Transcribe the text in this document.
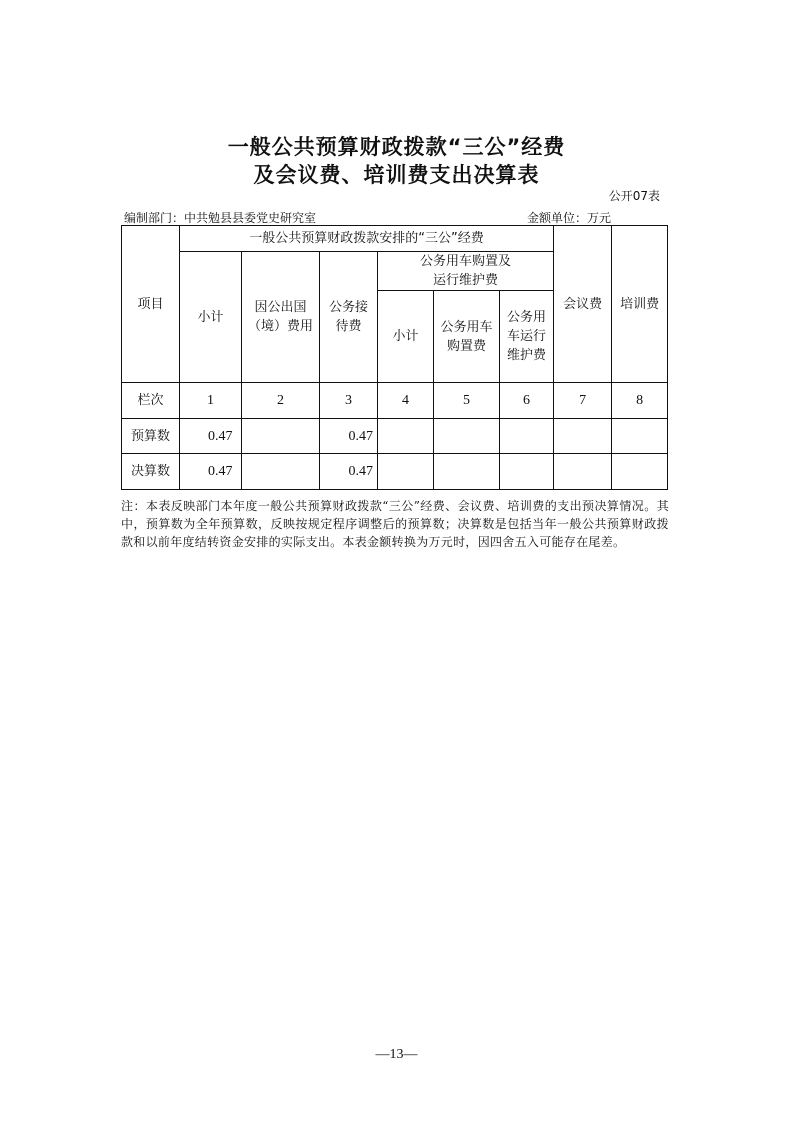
一般公共预算财政拨款“三公”经费
及会议费、培训费支出决算表
公开07表
编制部门：中共勉县县委党史研究室	金额单位：万元
项目	一般公共预算财政拨款安排的“三公”经费						会议费	培训费
	小计	因公出国（境）费用	公务接待费	公务用车购置及运行维护费				
				小计	公务用车购置费	公务用车运行维护费		

栏次	1	2	3	4	5	6	7	8
预算数	0.47		0.47					
决算数	0.47		0.47					
注：本表反映部门本年度一般公共预算财政拨款“三公”经费、会议费、培训费的支出预决算情况。其中，预算数为全年预算数，反映按规定程序调整后的预算数；决算数是包括当年一般公共预算财政拨款和以前年度结转资金安排的实际支出。本表金额转换为万元时，因四舍五入可能存在尾差。
—13—
